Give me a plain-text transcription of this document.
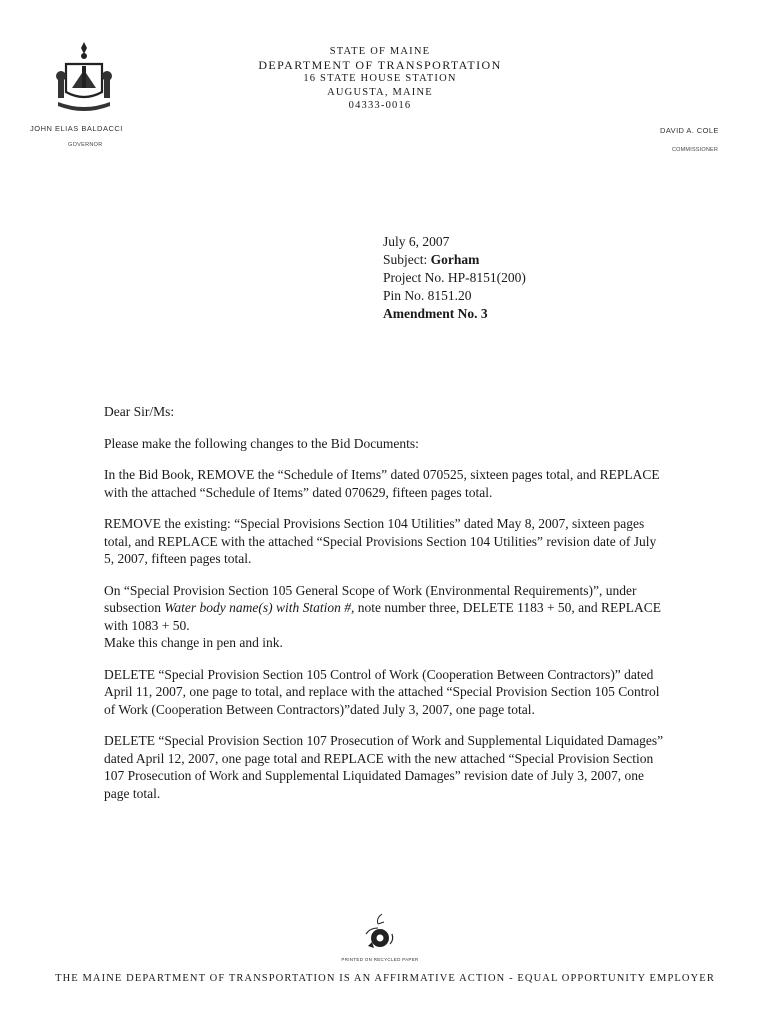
STATE OF MAINE
DEPARTMENT OF TRANSPORTATION
16 STATE HOUSE STATION
AUGUSTA, MAINE
04333-0016
JOHN ELIAS BALDACCI
GOVERNOR
DAVID A. COLE
COMMISSIONER
July 6, 2007
Subject: Gorham
Project No. HP-8151(200)
Pin No. 8151.20
Amendment No. 3

Dear Sir/Ms:

Please make the following changes to the Bid Documents:

In the Bid Book, REMOVE the “Schedule of Items” dated 070525, sixteen pages total, and REPLACE with the attached “Schedule of Items” dated 070629, fifteen pages total.

REMOVE the existing: “Special Provisions Section 104 Utilities” dated May 8, 2007, sixteen pages total, and REPLACE with the attached “Special Provisions Section 104 Utilities” revision date of July 5, 2007, fifteen pages total.

On “Special Provision Section 105 General Scope of Work (Environmental Requirements)”, under subsection Water body name(s) with Station #, note number three, DELETE 1183 + 50, and REPLACE with 1083 + 50.

Make this change in pen and ink.

DELETE “Special Provision Section 105 Control of Work (Cooperation Between Contractors)” dated April 11, 2007, one page to total, and replace with the attached “Special Provision Section 105 Control of Work (Cooperation Between Contractors)”dated July 3, 2007, one page total.

DELETE “Special Provision Section 107 Prosecution of Work and Supplemental Liquidated Damages” dated April 12, 2007, one page total and REPLACE with the new attached “Special Provision Section 107 Prosecution of Work and Supplemental Liquidated Damages” revision date of July 3, 2007, one page total.

PRINTED ON RECYCLED PAPER
THE MAINE DEPARTMENT OF TRANSPORTATION IS AN AFFIRMATIVE ACTION - EQUAL OPPORTUNITY EMPLOYER
